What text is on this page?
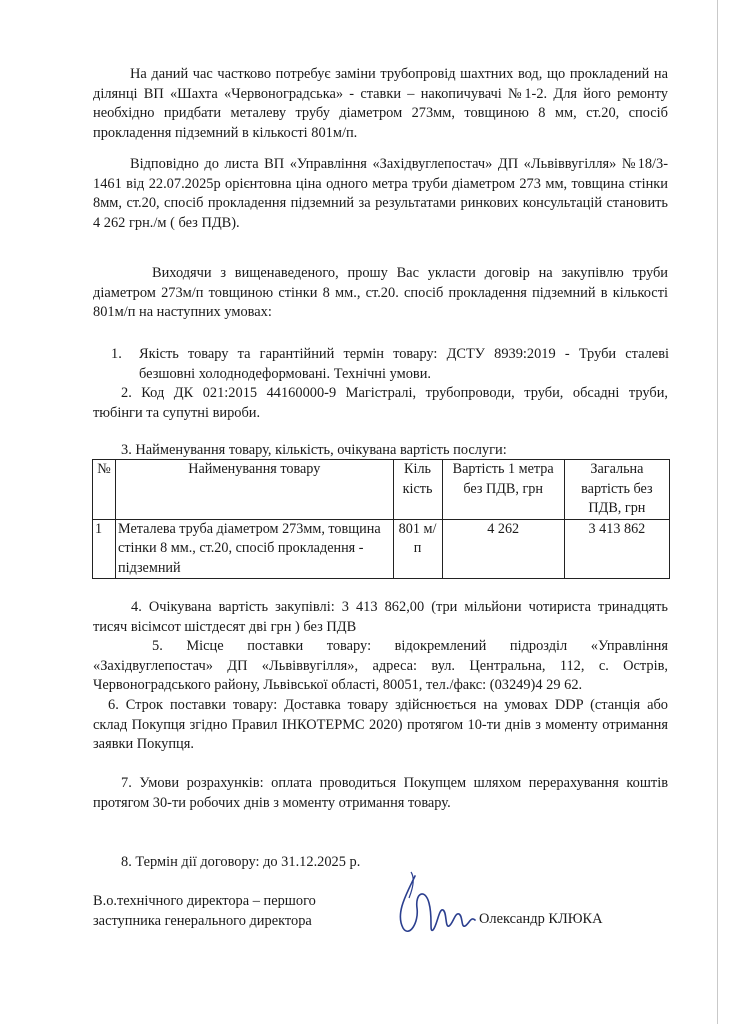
На даний час частково потребує заміни трубопровід шахтних вод, що прокладений на ділянці ВП «Шахта «Червоноградська» - ставки – накопичувачі №1-2. Для його ремонту необхідно придбати металеву трубу діаметром 273мм, товщиною 8 мм, ст.20, спосіб прокладення підземний в кількості 801м/п.

Відповідно до листа ВП «Управління «Західвуглепостач» ДП «Львіввугілля» №18/3-1461 від 22.07.2025р орієнтовна ціна одного метра труби діаметром 273 мм, товщина стінки 8мм, ст.20, спосіб прокладення підземний за результатами ринкових консультацій становить 4 262 грн./м ( без ПДВ).

Виходячи з вищенаведеного, прошу Вас укласти договір на закупівлю труби діаметром 273м/п товщиною стінки 8 мм., ст.20. спосіб прокладення підземний в кількості 801м/п на наступних умовах:

1. Якість товару та гарантійний термін товару: ДСТУ 8939:2019 - Труби сталеві безшовні холоднодеформовані. Технічні умови.

2. Код ДК 021:2015 44160000-9 Магістралі, трубопроводи, труби, обсадні труби, тюбінги та супутні вироби.

3. Найменування товару, кількість, очікувана вартість послуги:
№	Найменування товару	Кіль кість	Вартість 1 метра без ПДВ, грн	Загальна вартість без ПДВ, грн
1	Металева труба діаметром 273мм, товщина стінки 8 мм., ст.20, спосіб прокладення - підземний	801 м/п	4 262	3 413 862

4. Очікувана вартість закупівлі: 3 413 862,00 (три мільйони чотириста тринадцять тисяч вісімсот шістдесят дві грн ) без ПДВ

5. Місце поставки товару: відокремлений підрозділ «Управління «Західвуглепостач» ДП «Львіввугілля», адреса: вул. Центральна, 112, с. Острів, Червоноградського району, Львівської області, 80051, тел./факс: (03249)4 29 62.

6. Строк поставки товару: Доставка товару здійснюється на умовах DDP (станція або склад Покупця згідно Правил ІНКОТЕРМС 2020) протягом 10-ти днів з моменту отримання заявки Покупця.

7. Умови розрахунків: оплата проводиться Покупцем шляхом перерахування коштів протягом 30-ти робочих днів з моменту отримання товару.

8. Термін дії договору: до 31.12.2025 р.

В.о.технічного директора – першого
заступника генерального директора	Олександр КЛЮКА
